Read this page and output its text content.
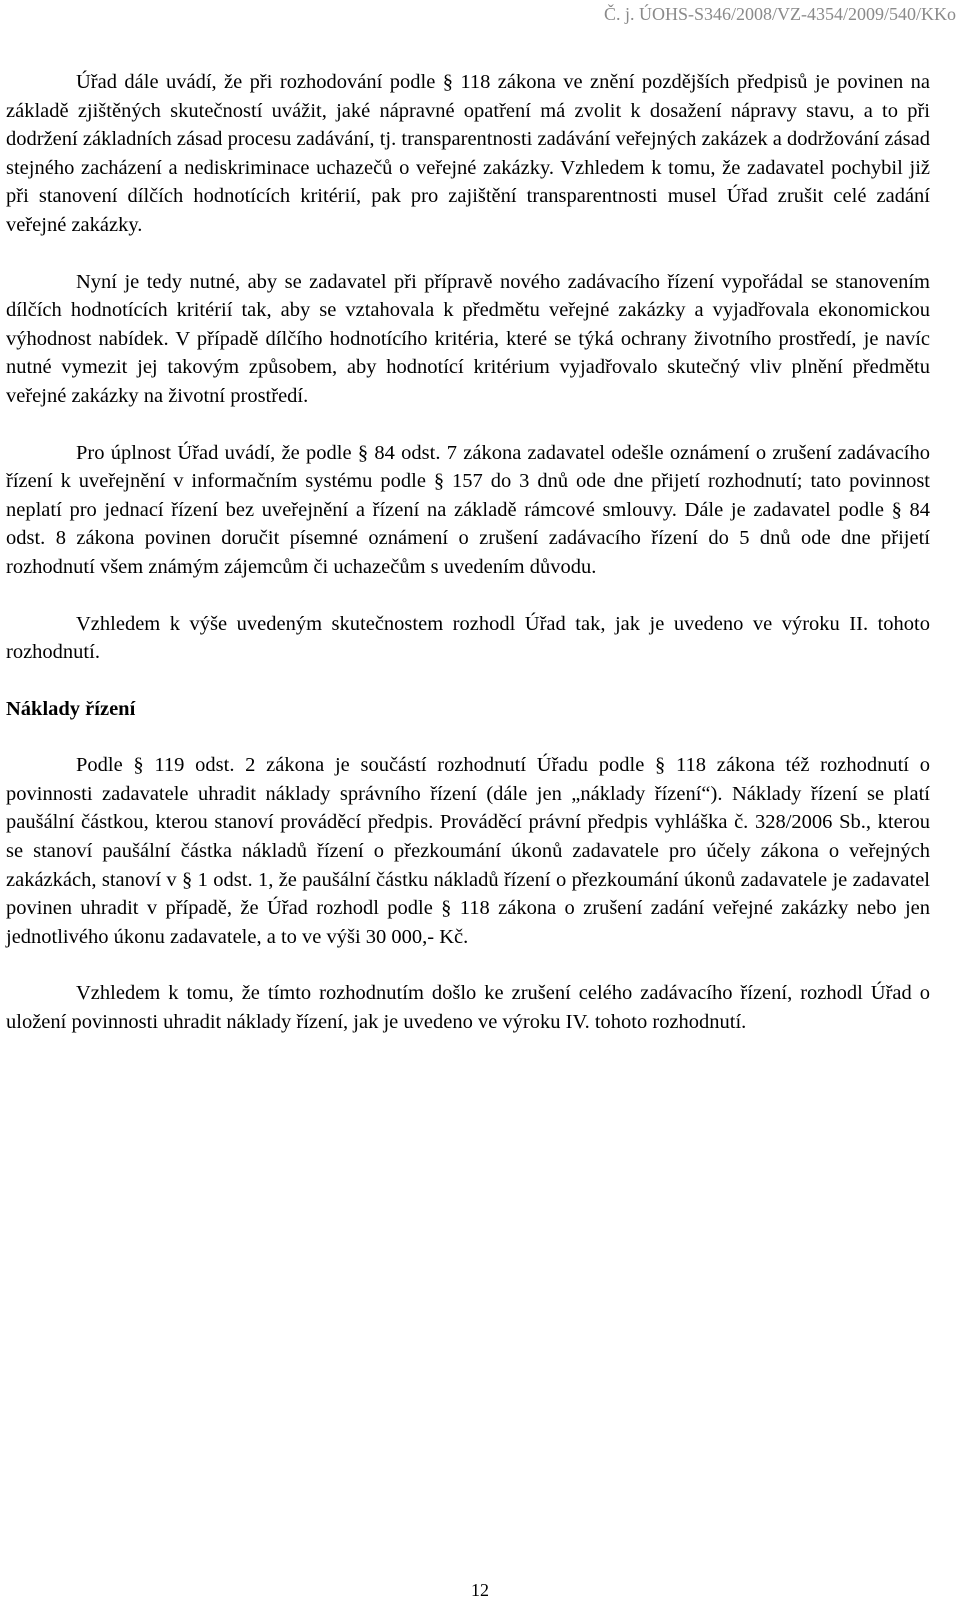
Č. j. ÚOHS-S346/2008/VZ-4354/2009/540/KKo

Úřad dále uvádí, že při rozhodování podle § 118 zákona ve znění pozdějších předpisů je povinen na základě zjištěných skutečností uvážit, jaké nápravné opatření má zvolit k dosažení nápravy stavu, a to při dodržení základních zásad procesu zadávání, tj. transparentnosti zadávání veřejných zakázek a dodržování zásad stejného zacházení a nediskriminace uchazečů o veřejné zakázky. Vzhledem k tomu, že zadavatel pochybil již při stanovení dílčích hodnotících kritérií, pak pro zajištění transparentnosti musel Úřad zrušit celé zadání veřejné zakázky.

Nyní je tedy nutné, aby se zadavatel při přípravě nového zadávacího řízení vypořádal se stanovením dílčích hodnotících kritérií tak, aby se vztahovala k předmětu veřejné zakázky a vyjadřovala ekonomickou výhodnost nabídek. V případě dílčího hodnotícího kritéria, které se týká ochrany životního prostředí, je navíc nutné vymezit jej takovým způsobem, aby hodnotící kritérium vyjadřovalo skutečný vliv plnění předmětu veřejné zakázky na životní prostředí.

Pro úplnost Úřad uvádí, že podle § 84 odst. 7 zákona zadavatel odešle oznámení o zrušení zadávacího řízení k uveřejnění v informačním systému podle § 157 do 3 dnů ode dne přijetí rozhodnutí; tato povinnost neplatí pro jednací řízení bez uveřejnění a řízení na základě rámcové smlouvy. Dále je zadavatel podle § 84 odst. 8 zákona povinen doručit písemné oznámení o zrušení zadávacího řízení do 5 dnů ode dne přijetí rozhodnutí všem známým zájemcům či uchazečům s uvedením důvodu.

Vzhledem k výše uvedeným skutečnostem rozhodl Úřad tak, jak je uvedeno ve výroku II. tohoto rozhodnutí.

Náklady řízení

Podle § 119 odst. 2 zákona je součástí rozhodnutí Úřadu podle § 118 zákona též rozhodnutí o povinnosti zadavatele uhradit náklady správního řízení (dále jen „náklady řízení“). Náklady řízení se platí paušální částkou, kterou stanoví prováděcí předpis. Prováděcí právní předpis vyhláška č. 328/2006 Sb., kterou se stanoví paušální částka nákladů řízení o přezkoumání úkonů zadavatele pro účely zákona o veřejných zakázkách, stanoví v § 1 odst. 1, že paušální částku nákladů řízení o přezkoumání úkonů zadavatele je zadavatel povinen uhradit v případě, že Úřad rozhodl podle § 118 zákona o zrušení zadání veřejné zakázky nebo jen jednotlivého úkonu zadavatele, a to ve výši 30 000,- Kč.

Vzhledem k tomu, že tímto rozhodnutím došlo ke zrušení celého zadávacího řízení, rozhodl Úřad o uložení povinnosti uhradit náklady řízení, jak je uvedeno ve výroku IV. tohoto rozhodnutí.

12
